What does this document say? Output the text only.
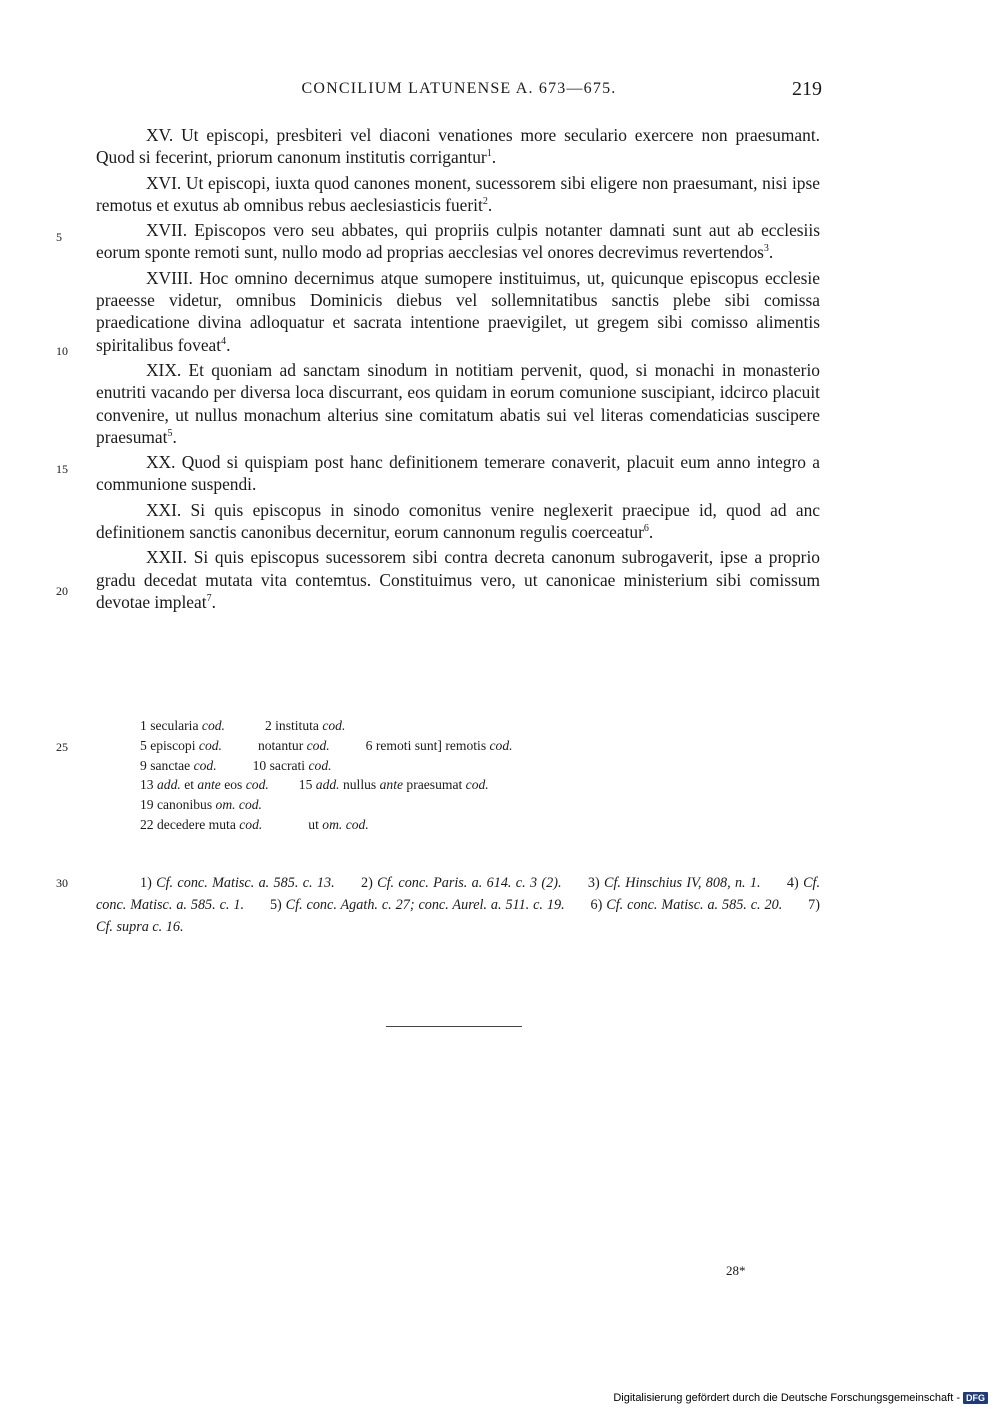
CONCILIUM LATUNENSE A. 673—675.	219
5
10
15
20
25
30

XV. Ut episcopi, presbiteri vel diaconi venationes more seculario exercere non praesumant. Quod si fecerint, priorum canonum institutis corrigantur$^1$.

XVI. Ut episcopi, iuxta quod canones monent, sucessorem sibi eligere non praesumant, nisi ipse remotus et exutus ab omnibus rebus aeclesiasticis fuerit$^2$.

XVII. Episcopos vero seu abbates, qui propriis culpis notanter damnati sunt aut ab ecclesiis eorum sponte remoti sunt, nullo modo ad proprias aecclesias vel onores decrevimus revertendos$^3$.

XVIII. Hoc omnino decernimus atque sumopere instituimus, ut, quicunque episcopus ecclesie praeesse videtur, omnibus Dominicis diebus vel sollemnitatibus sanctis plebe sibi comissa praedicatione divina adloquatur et sacrata intentione praevigilet, ut gregem sibi comisso alimentis spiritalibus foveat$^4$.

XIX. Et quoniam ad sanctam sinodum in notitiam pervenit, quod, si monachi in monasterio enutriti vacando per diversa loca discurrant, eos quidam in eorum comunione suscipiant, idcirco placuit convenire, ut nullus monachum alterius sine comitatum abatis sui vel literas comendaticias suscipere praesumat$^5$.

XX. Quod si quispiam post hanc definitionem temerare conaverit, placuit eum anno integro a communione suspendi.

XXI. Si quis episcopus in sinodo comonitus venire neglexerit praecipue id, quod ad anc definitionem sanctis canonibus decernitur, eorum cannonum regulis coerceatur$^6$.

XXII. Si quis episcopus sucessorem sibi contra decreta canonum subrogaverit, ipse a proprio gradu decedat mutata vita contemtus. Constituimus vero, ut canonicae ministerium sibi comissum devotae impleat$^7$.

1 secularia cod.	2 instituta cod.
5 episcopi cod.	notantur cod.	6 remoti sunt] remotis cod.
9 sanctae cod.	10 sacrati cod.
13 add. et ante eos cod. 15 add. nullus ante praesumat cod.
19 canonibus om. cod.
22 decedere muta cod.	ut om. cod.

1) Cf. conc. Matisc. a. 585. c. 13. 2) Cf. conc. Paris. a. 614. c. 3 (2). 3) Cf. Hinschius IV, 808, n. 1. 4) Cf. conc. Matisc. a. 585. c. 1. 5) Cf. conc. Agath. c. 27; conc. Aurel. a. 511. c. 19. 6) Cf. conc. Matisc. a. 585. c. 20. 7) Cf. supra c. 16.

28*
Digitalisierung gefördert durch die Deutsche Forschungsgemeinschaft - DFG
